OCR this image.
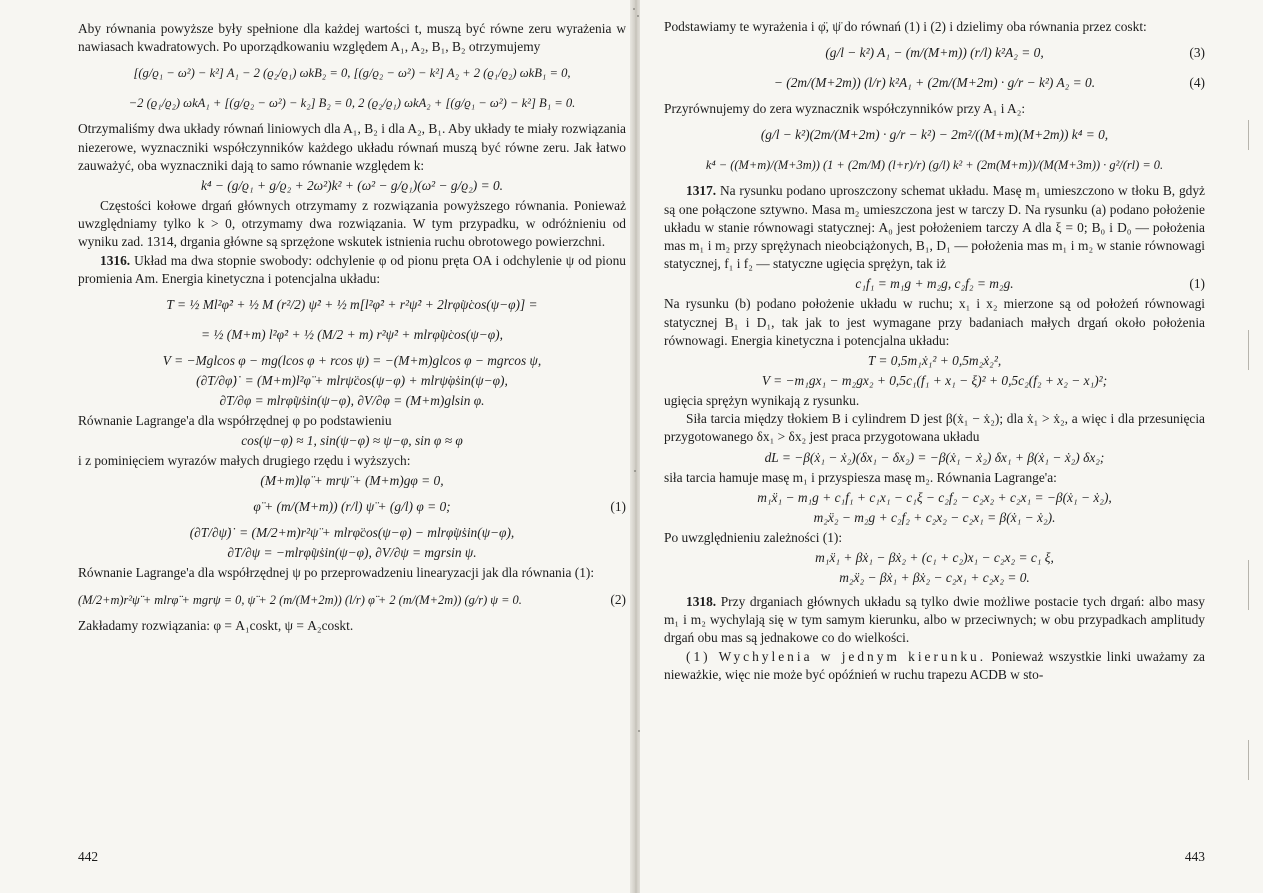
Aby równania powyższe były spełnione dla każdej wartości t, muszą być równe zeru wyrażenia w nawiasach kwadratowych. Po uporządkowaniu względem A₁, A₂, B₁, B₂ otrzymujemy

[(g/ϱ₁ − ω²) − k²] A₁ − 2 (ϱ₂/ϱ₁) ωkB₂ = 0, [(g/ϱ₂ − ω²) − k²] A₂ + 2 (ϱ₁/ϱ₂) ωkB₁ = 0,
−2 (ϱ₁/ϱ₂) ωkA₁ + [(g/ϱ₂ − ω²) − k₂] B₂ = 0, 2 (ϱ₂/ϱ₁) ωkA₂ + [(g/ϱ₁ − ω²) − k²] B₁ = 0.

Otrzymaliśmy dwa układy równań liniowych dla A₁, B₂ i dla A₂, B₁. Aby układy te miały rozwiązania niezerowe, wyznaczniki współczynników każdego układu równań muszą być równe zeru. Jak łatwo zauważyć, oba wyznaczniki dają to samo równanie względem k:

k⁴ − (g/ϱ₁ + g/ϱ₂ + 2ω²)k² + (ω² − g/ϱ₁)(ω² − g/ϱ₂) = 0.

Częstości kołowe drgań głównych otrzymamy z rozwiązania powyższego równania. Ponieważ uwzględniamy tylko k > 0, otrzymamy dwa rozwiązania. W tym przypadku, w odróżnieniu od wyniku zad. 1314, drgania główne są sprzężone wskutek istnienia ruchu obrotowego powierzchni.

1316. Układ ma dwa stopnie swobody: odchylenie φ od pionu pręta OA i odchylenie ψ od pionu promienia Am. Energia kinetyczna i potencjalna układu:

T = ½ Ml²φ̇² + ½ M (r²/2) ψ̇² + ½ m[l²φ̇² + r²ψ̇² + 2lrφ̇ψ̇cos(ψ−φ)] =
= ½ (M+m) l²φ̇² + ½ (M/2 + m) r²ψ̇² + mlrφ̇ψ̇cos(ψ−φ),
V = −Mglcos φ − mg(lcos φ + rcos ψ) = −(M+m)glcos φ − mgrcos ψ,
(∂T/∂φ̇)˙ = (M+m)l²φ̈ + mlrψ̈cos(ψ−φ) + mlrψ̇φ̇sin(ψ−φ),
∂T/∂φ = mlrφ̇ψ̇sin(ψ−φ), ∂V/∂φ = (M+m)glsin φ.

Równanie Lagrange'a dla współrzędnej φ po podstawieniu

cos(ψ−φ) ≈ 1, sin(ψ−φ) ≈ ψ−φ, sin φ ≈ φ

i z pominięciem wyrazów małych drugiego rzędu i wyższych:

(M+m)lφ̈ + mrψ̈ + (M+m)gφ = 0,
φ̈ + (m/(M+m)) (r/l) ψ̈ + (g/l) φ = 0;	(1)
(∂T/∂ψ̇)˙ = (M/2+m)r²ψ̈ + mlrφ̈cos(ψ−φ) − mlrφ̇ψ̇sin(ψ−φ),
∂T/∂ψ = −mlrφ̇ψ̇sin(ψ−φ), ∂V/∂ψ = mgrsin ψ.

Równanie Lagrange'a dla współrzędnej ψ po przeprowadzeniu linearyzacji jak dla równania (1):

(M/2+m)r²ψ̈ + mlrφ̈ + mgrψ = 0, ψ̈ + 2 (m/(M+2m)) (l/r) φ̈ + 2 (m/(M+2m)) (g/r) ψ = 0.	(2)

Zakładamy rozwiązania: φ = A₁coskt, ψ = A₂coskt.

442

Podstawiamy te wyrażenia i φ̈, ψ̈ do równań (1) i (2) i dzielimy oba równania przez coskt:

(g/l − k²) A₁ − (m/(M+m)) (r/l) k²A₂ = 0,	(3)
− (2m/(M+2m)) (l/r) k²A₁ + (2m/(M+2m) · g/r − k²) A₂ = 0.	(4)

Przyrównujemy do zera wyznacznik współczynników przy A₁ i A₂:

(g/l − k²)(2m/(M+2m) · g/r − k²) − 2m²/((M+m)(M+2m)) k⁴ = 0,
k⁴ − ((M+m)/(M+3m)) (1 + (2m/M) (l+r)/r) (g/l) k² + (2m(M+m))/(M(M+3m)) · g²/(rl) = 0.

1317. Na rysunku podano uproszczony schemat układu. Masę m₁ umieszczono w tłoku B, gdyż są one połączone sztywno. Masa m₂ umieszczona jest w tarczy D. Na rysunku (a) podano położenie układu w stanie równowagi statycznej: A₀ jest położeniem tarczy A dla ξ = 0; B₀ i D₀ — położenia mas m₁ i m₂ przy sprężynach nieobciążonych, B₁, D₁ — położenia mas m₁ i m₂ w stanie równowagi statycznej, f₁ i f₂ — statyczne ugięcia sprężyn, tak iż

c₁f₁ = m₁g + m₂g, c₂f₂ = m₂g.	(1)

Na rysunku (b) podano położenie układu w ruchu; x₁ i x₂ mierzone są od położeń równowagi statycznej B₁ i D₁, tak jak to jest wymagane przy badaniach małych drgań około położenia równowagi. Energia kinetyczna i potencjalna układu:

T = 0,5m₁ẋ₁² + 0,5m₂ẋ₂²,
V = −m₁gx₁ − m₂gx₂ + 0,5c₁(f₁ + x₁ − ξ)² + 0,5c₂(f₂ + x₂ − x₁)²;

ugięcia sprężyn wynikają z rysunku.

Siła tarcia między tłokiem B i cylindrem D jest β(ẋ₁ − ẋ₂); dla ẋ₁ > ẋ₂, a więc i dla przesunięcia przygotowanego δx₁ > δx₂ jest praca przygotowana układu

dL = −β(ẋ₁ − ẋ₂)(δx₁ − δx₂) = −β(ẋ₁ − ẋ₂) δx₁ + β(ẋ₁ − ẋ₂) δx₂;

siła tarcia hamuje masę m₁ i przyspiesza masę m₂. Równania Lagrange'a:

m₁ẍ₁ − m₁g + c₁f₁ + c₁x₁ − c₁ξ − c₂f₂ − c₂x₂ + c₂x₁ = −β(ẋ₁ − ẋ₂),
m₂ẍ₂ − m₂g + c₂f₂ + c₂x₂ − c₂x₁ = β(ẋ₁ − ẋ₂).

Po uwzględnieniu zależności (1):

m₁ẍ₁ + βẋ₁ − βẋ₂ + (c₁ + c₂)x₁ − c₂x₂ = c₁ ξ,
m₂ẍ₂ − βẋ₁ + βẋ₂ − c₂x₁ + c₂x₂ = 0.

1318. Przy drganiach głównych układu są tylko dwie możliwe postacie tych drgań: albo masy m₁ i m₂ wychylają się w tym samym kierunku, albo w przeciwnych; w obu przypadkach amplitudy drgań obu mas są jednakowe co do wielkości.

(1) Wychylenia w jednym kierunku. Ponieważ wszystkie linki uważamy za nieważkie, więc nie może być opóźnień w ruchu trapezu ACDB w sto-

443
